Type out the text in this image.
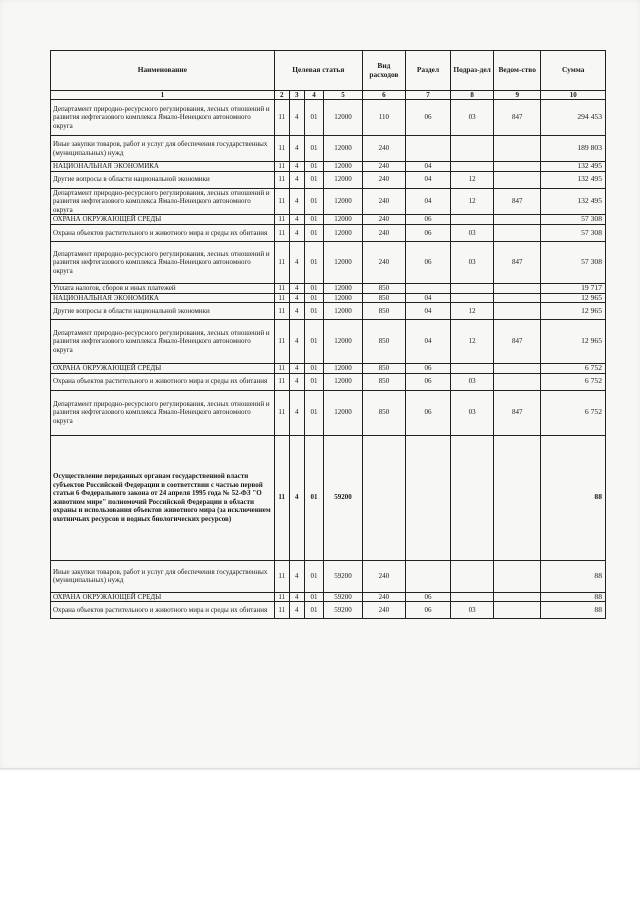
Наименование	Целевая статья				Вид расходов	Раздел	Подраз-дел	Ведом-ство	Сумма
1	2	3	4	5	6	7	8	9	10
Департамент природно-ресурсного регулирования, лесных отношений и развития нефтегазового комплекса Ямало-Ненецкого автономного округа	11	4	01	12000	110	06	03	847	294 453
Иные закупки товаров, работ и услуг для обеспечения государственных (муниципальных) нужд	11	4	01	12000	240				189 803
НАЦИОНАЛЬНАЯ ЭКОНОМИКА	11	4	01	12000	240	04			132 495
Другие вопросы в области национальной экономики	11	4	01	12000	240	04	12		132 495
Департамент природно-ресурсного регулирования, лесных отношений и развития нефтегазового комплекса Ямало-Ненецкого автономного округа	11	4	01	12000	240	04	12	847	132 495
ОХРАНА ОКРУЖАЮЩЕЙ СРЕДЫ	11	4	01	12000	240	06			57 308
Охрана объектов растительного и животного мира и среды их обитания	11	4	01	12000	240	06	03		57 308
Департамент природно-ресурсного регулирования, лесных отношений и развития нефтегазового комплекса Ямало-Ненецкого автономного округа	11	4	01	12000	240	06	03	847	57 308
Уплата налогов, сборов и иных платежей	11	4	01	12000	850				19 717
НАЦИОНАЛЬНАЯ ЭКОНОМИКА	11	4	01	12000	850	04			12 965
Другие вопросы в области национальной экономики	11	4	01	12000	850	04	12		12 965
Департамент природно-ресурсного регулирования, лесных отношений и развития нефтегазового комплекса Ямало-Ненецкого автономного округа	11	4	01	12000	850	04	12	847	12 965
ОХРАНА ОКРУЖАЮЩЕЙ СРЕДЫ	11	4	01	12000	850	06			6 752
Охрана объектов растительного и животного мира и среды их обитания	11	4	01	12000	850	06	03		6 752
Департамент природно-ресурсного регулирования, лесных отношений и развития нефтегазового комплекса Ямало-Ненецкого автономного округа	11	4	01	12000	850	06	03	847	6 752
Осуществление переданных органам государственной власти субъектов Российской Федерации в соответствии с частью первой статьи 6 Федерального закона от 24 апреля 1995 года № 52-ФЗ "О животном мире" полномочий Российской Федерации в области охраны и использования объектов животного мира (за исключением охотничьих ресурсов и водных биологических ресурсов)	11	4	01	59200					88
Иные закупки товаров, работ и услуг для обеспечения государственных (муниципальных) нужд	11	4	01	59200	240				88
ОХРАНА ОКРУЖАЮЩЕЙ СРЕДЫ	11	4	01	59200	240	06			88
Охрана объектов растительного и животного мира и среды их обитания	11	4	01	59200	240	06	03		88
